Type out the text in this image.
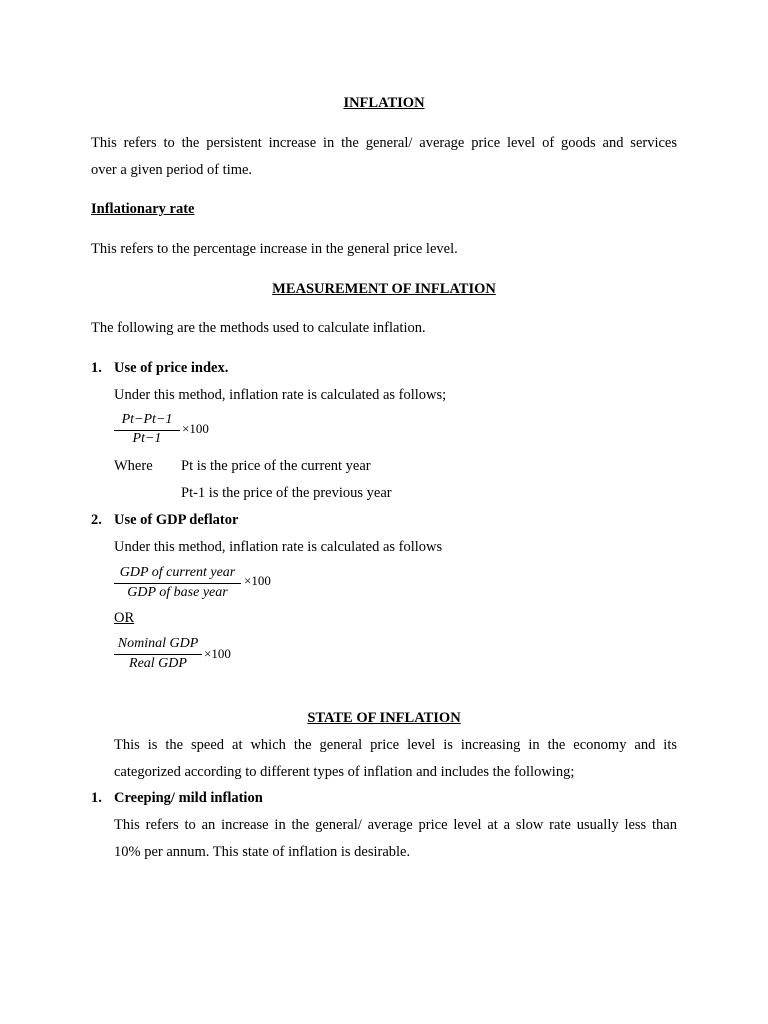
INFLATION
This refers to the persistent increase in the general/ average price level of goods and services
over a given period of time.
Inflationary rate
This refers to the percentage increase in the general price level.
MEASUREMENT OF INFLATION
The following are the methods used to calculate inflation.
1. Use of price index.
Under this method, inflation rate is calculated as follows;
Pt−Pt−1
Pt−1
×100
Where Pt is the price of the current year
Pt-1 is the price of the previous year
2. Use of GDP deflator
Under this method, inflation rate is calculated as follows
GDP of current year
GDP of base year
×100
OR
Nominal GDP
Real GDP
×100
STATE OF INFLATION
This is the speed at which the general price level is increasing in the economy and its
categorized according to different types of inflation and includes the following;
1. Creeping/ mild inflation
This refers to an increase in the general/ average price level at a slow rate usually less than
10% per annum. This state of inflation is desirable.
